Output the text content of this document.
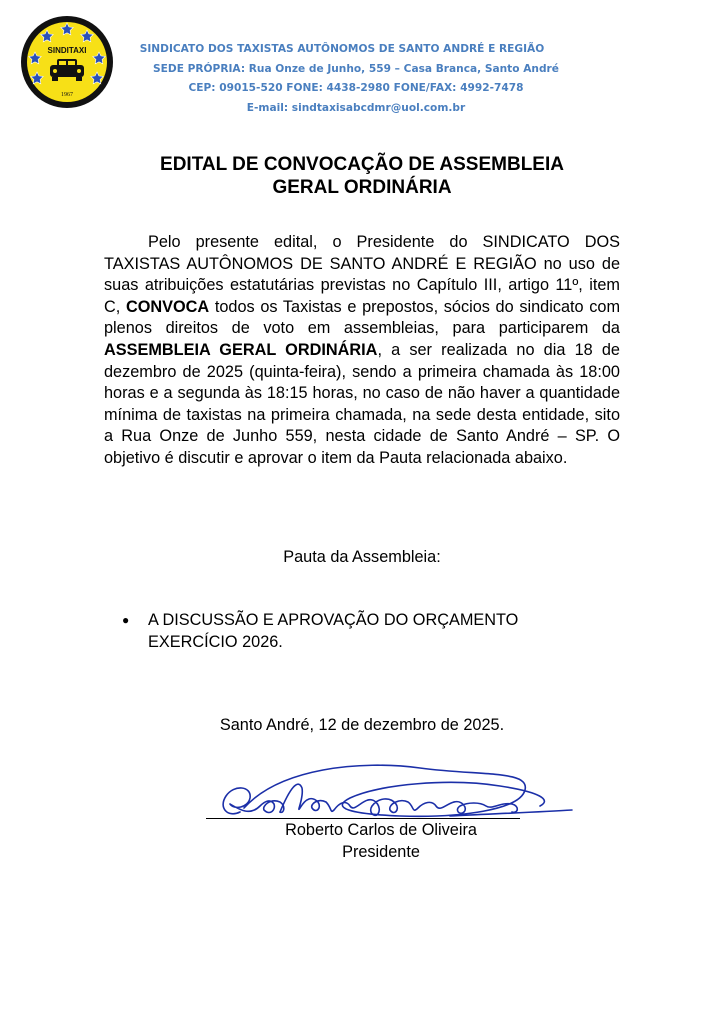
SINDITAXI
1967
SINDICATO DOS TAXISTAS AUTÔNOMOS DE SANTO ANDRÉ E REGIÃO
SEDE PRÓPRIA: Rua Onze de Junho, 559 – Casa Branca, Santo André
CEP: 09015-520 FONE: 4438-2980 FONE/FAX: 4992-7478
E-mail: sindtaxisabcdmr@uol.com.br
EDITAL DE CONVOCAÇÃO DE ASSEMBLEIA
GERAL ORDINÁRIA
Pelo presente edital, o Presidente do SINDICATO DOS TAXISTAS AUTÔNOMOS DE SANTO ANDRÉ E REGIÃO no uso de suas atribuições estatutárias previstas no Capítulo III, artigo 11º, item C, CONVOCA todos os Taxistas e prepostos, sócios do sindicato com plenos direitos de voto em assembleias, para participarem da ASSEMBLEIA GERAL ORDINÁRIA, a ser realizada no dia 18 de dezembro de 2025 (quinta-feira), sendo a primeira chamada às 18:00 horas e a segunda às 18:15 horas, no caso de não haver a quantidade mínima de taxistas na primeira chamada, na sede desta entidade, sito a Rua Onze de Junho 559, nesta cidade de Santo André – SP. O objetivo é discutir e aprovar o item da Pauta relacionada abaixo.
Pauta da Assembleia:
● A DISCUSSÃO E APROVAÇÃO DO ORÇAMENTO
EXERCÍCIO 2026.
Santo André, 12 de dezembro de 2025.
Roberto Carlos de Oliveira
Presidente
